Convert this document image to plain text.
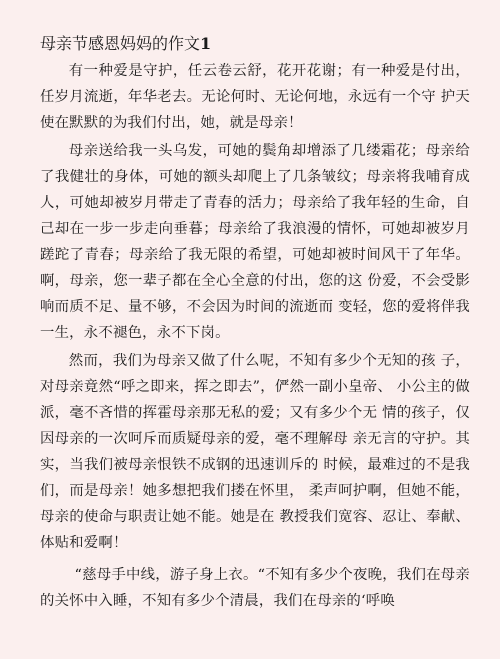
母亲节感恩妈妈的作文1

有一种爱是守护，任云卷云舒，花开花谢；有一种爱是付出，任岁月流逝，年华老去。无论何时、无论何地，永远有一个守 护天使在默默的为我们付出，她，就是母亲！

母亲送给我一头乌发，可她的鬓角却增添了几缕霜花；母亲给了我健壮的身体，可她的额头却爬上了几条皱纹；母亲将我哺育成人，可她却被岁月带走了青春的活力；母亲给了我年轻的生命，自己却在一步一步走向垂暮；母亲给了我浪漫的情怀，可她却被岁月蹉跎了青春；母亲给了我无限的希望，可她却被时间风干了年华。啊，母亲，您一辈子都在全心全意的付出，您的这 份爱，不会受影响而质不足、量不够，不会因为时间的流逝而 变轻，您的爱将伴我一生，永不褪色，永不下岗。

然而，我们为母亲又做了什么呢，不知有多少个无知的孩 子，对母亲竟然“呼之即来，挥之即去”，俨然一副小皇帝、 小公主的做派，毫不吝惜的挥霍母亲那无私的爱；又有多少个无 情的孩子，仅因母亲的一次呵斥而质疑母亲的爱，毫不理解母 亲无言的守护。其实，当我们被母亲恨铁不成钢的迅速训斥的 时候，最难过的不是我们，而是母亲！她多想把我们搂在怀里， 柔声呵护啊，但她不能，母亲的使命与职责让她不能。她是在 教授我们宽容、忍让、奉献、体贴和爱啊！

“慈母手中线，游子身上衣。“不知有多少个夜晚，我们在母亲的关怀中入睡，不知有多少个清晨，我们在母亲的‘呼唤
